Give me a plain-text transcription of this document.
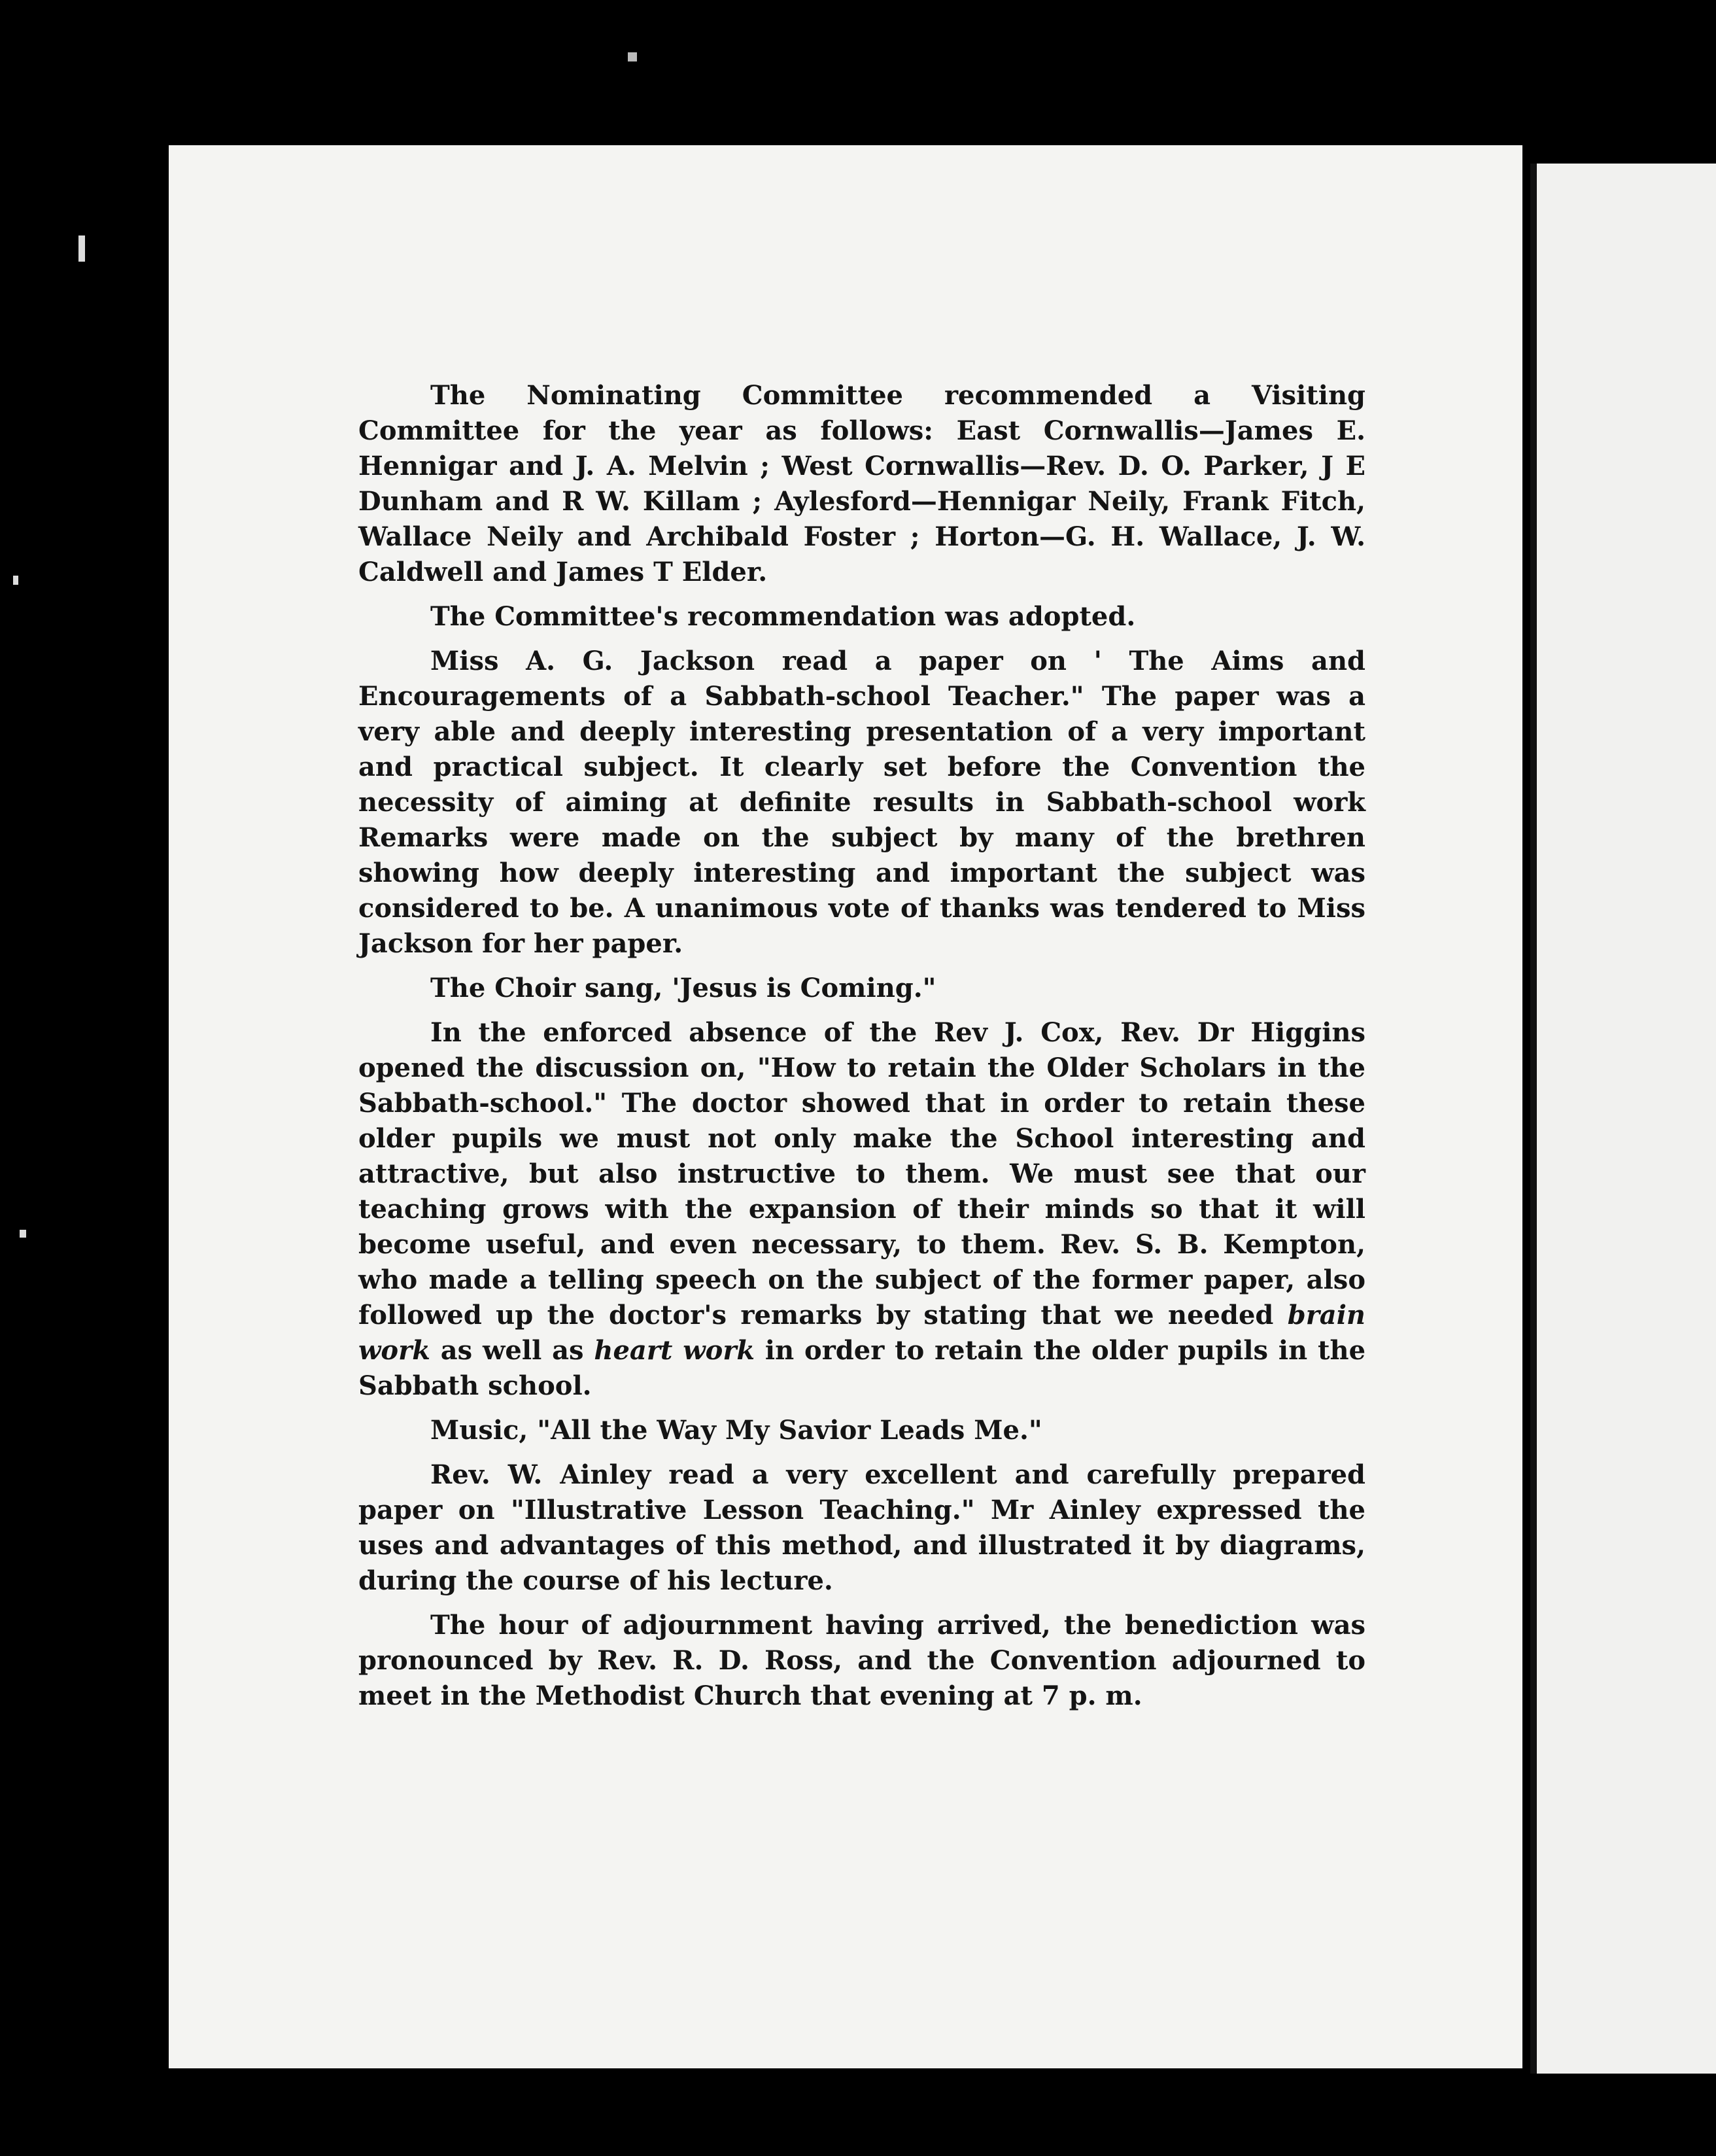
The Nominating Committee recommended a Visiting Committee for the year as follows: East Cornwallis—James E. Hennigar and J. A. Melvin ; West Cornwallis—Rev. D. O. Parker, J E Dunham and R W. Killam ; Aylesford—Hennigar Neily, Frank Fitch, Wallace Neily and Archibald Foster ; Horton—G. H. Wallace, J. W. Caldwell and James T Elder.

The Committee's recommendation was adopted.

Miss A. G. Jackson read a paper on ' The Aims and Encouragements of a Sabbath-school Teacher." The paper was a very able and deeply interesting presentation of a very important and practical subject. It clearly set before the Convention the necessity of aiming at definite results in Sabbath-school work Remarks were made on the subject by many of the brethren showing how deeply interesting and important the subject was considered to be. A unanimous vote of thanks was tendered to Miss Jackson for her paper.

The Choir sang, 'Jesus is Coming."

In the enforced absence of the Rev J. Cox, Rev. Dr Higgins opened the discussion on, "How to retain the Older Scholars in the Sabbath-school." The doctor showed that in order to retain these older pupils we must not only make the School interesting and attractive, but also instructive to them. We must see that our teaching grows with the expansion of their minds so that it will become useful, and even necessary, to them. Rev. S. B. Kempton, who made a telling speech on the subject of the former paper, also followed up the doctor's remarks by stating that we needed brain work as well as heart work in order to retain the older pupils in the Sabbath school.

Music, "All the Way My Savior Leads Me."

Rev. W. Ainley read a very excellent and carefully prepared paper on "Illustrative Lesson Teaching." Mr Ainley expressed the uses and advantages of this method, and illustrated it by diagrams, during the course of his lecture.

The hour of adjournment having arrived, the benediction was pronounced by Rev. R. D. Ross, and the Convention adjourned to meet in the Methodist Church that evening at 7 p. m.
